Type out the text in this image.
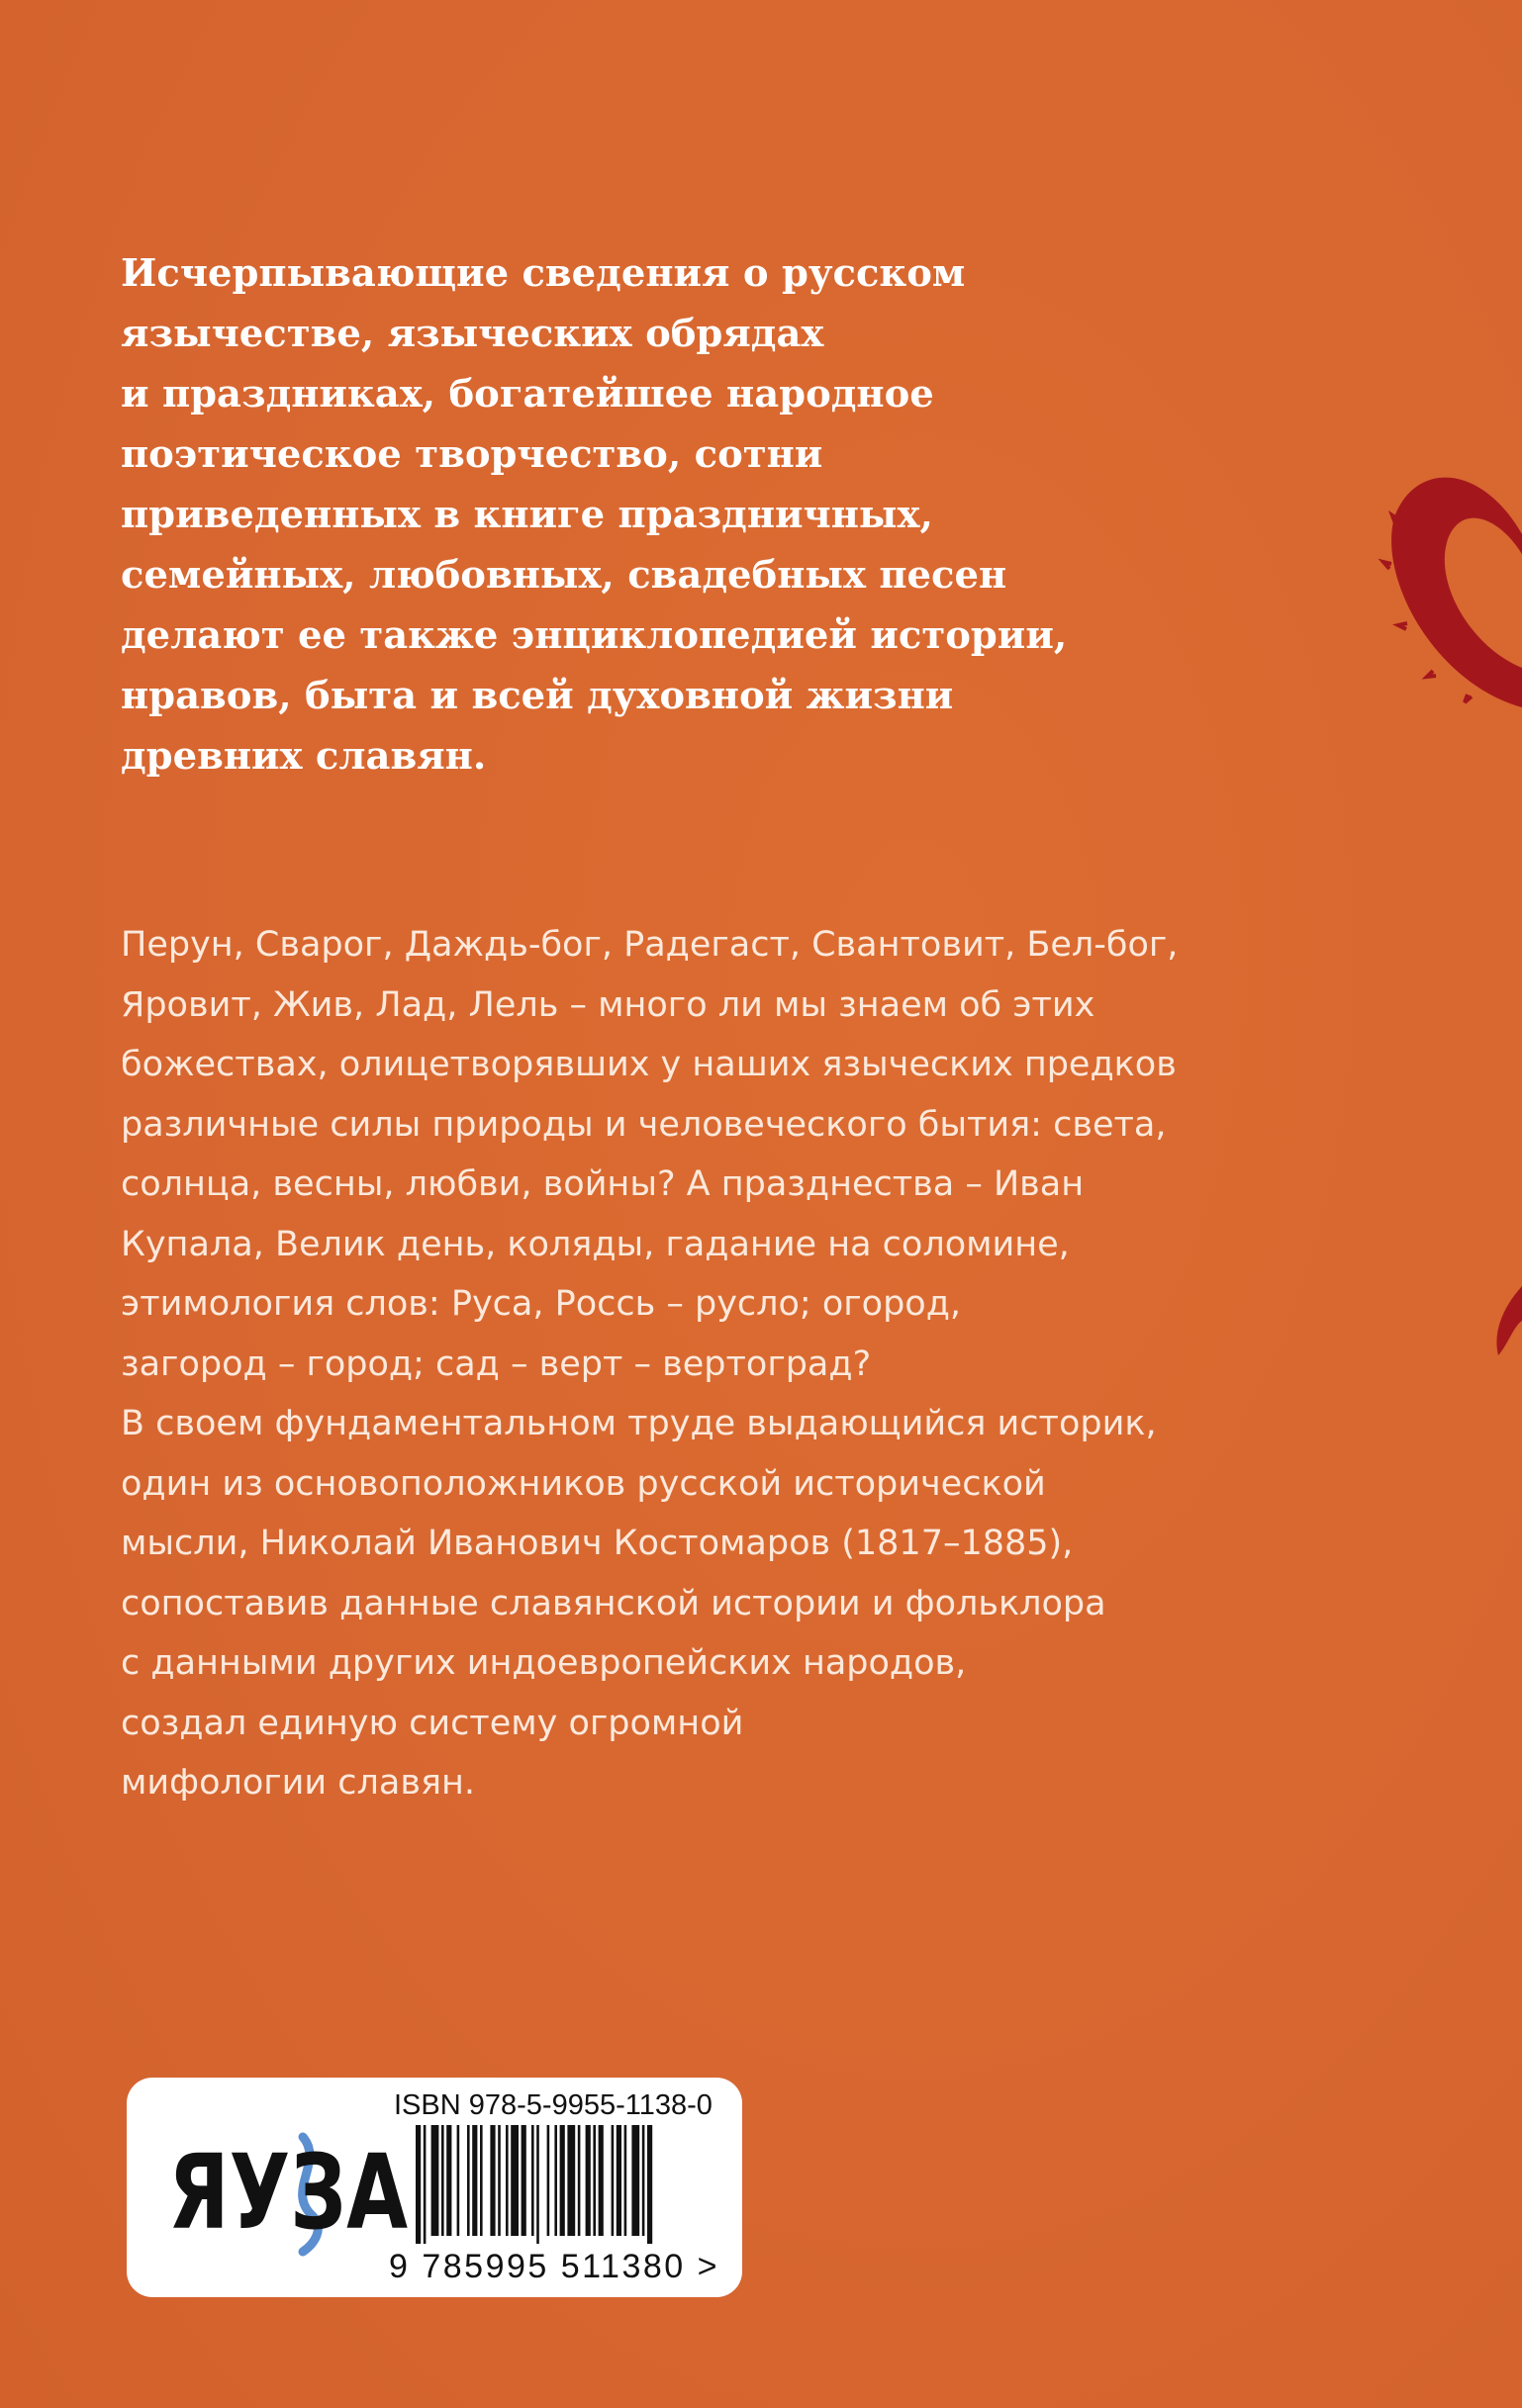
Исчерпывающие сведения о русском
язычестве, языческих обрядах
и праздниках, богатейшее народное
поэтическое творчество, сотни
приведенных в книге праздничных,
семейных, любовных, свадебных песен
делают ее также энциклопедией истории,
нравов, быта и всей духовной жизни
древних славян.
Перун, Сварог, Даждь-бог, Радегаст, Свантовит, Бел-бог,
Яровит, Жив, Лад, Лель – много ли мы знаем об этих
божествах, олицетворявших у наших языческих предков
различные силы природы и человеческого бытия: света,
солнца, весны, любви, войны? А празднества – Иван
Купала, Велик день, коляды, гадание на соломине,
этимология слов: Руса, Россь – русло; огород,
загород – город; сад – верт – вертоград?
В своем фундаментальном труде выдающийся историк,
один из основоположников русской исторической
мысли, Николай Иванович Костомаров (1817–1885),
сопоставив данные славянской истории и фольклора
с данными других индоевропейских народов,
создал единую систему огромной
мифологии славян.
ЯУЗА
ISBN 978-5-9955-1138-0
9 785995 511380 >
